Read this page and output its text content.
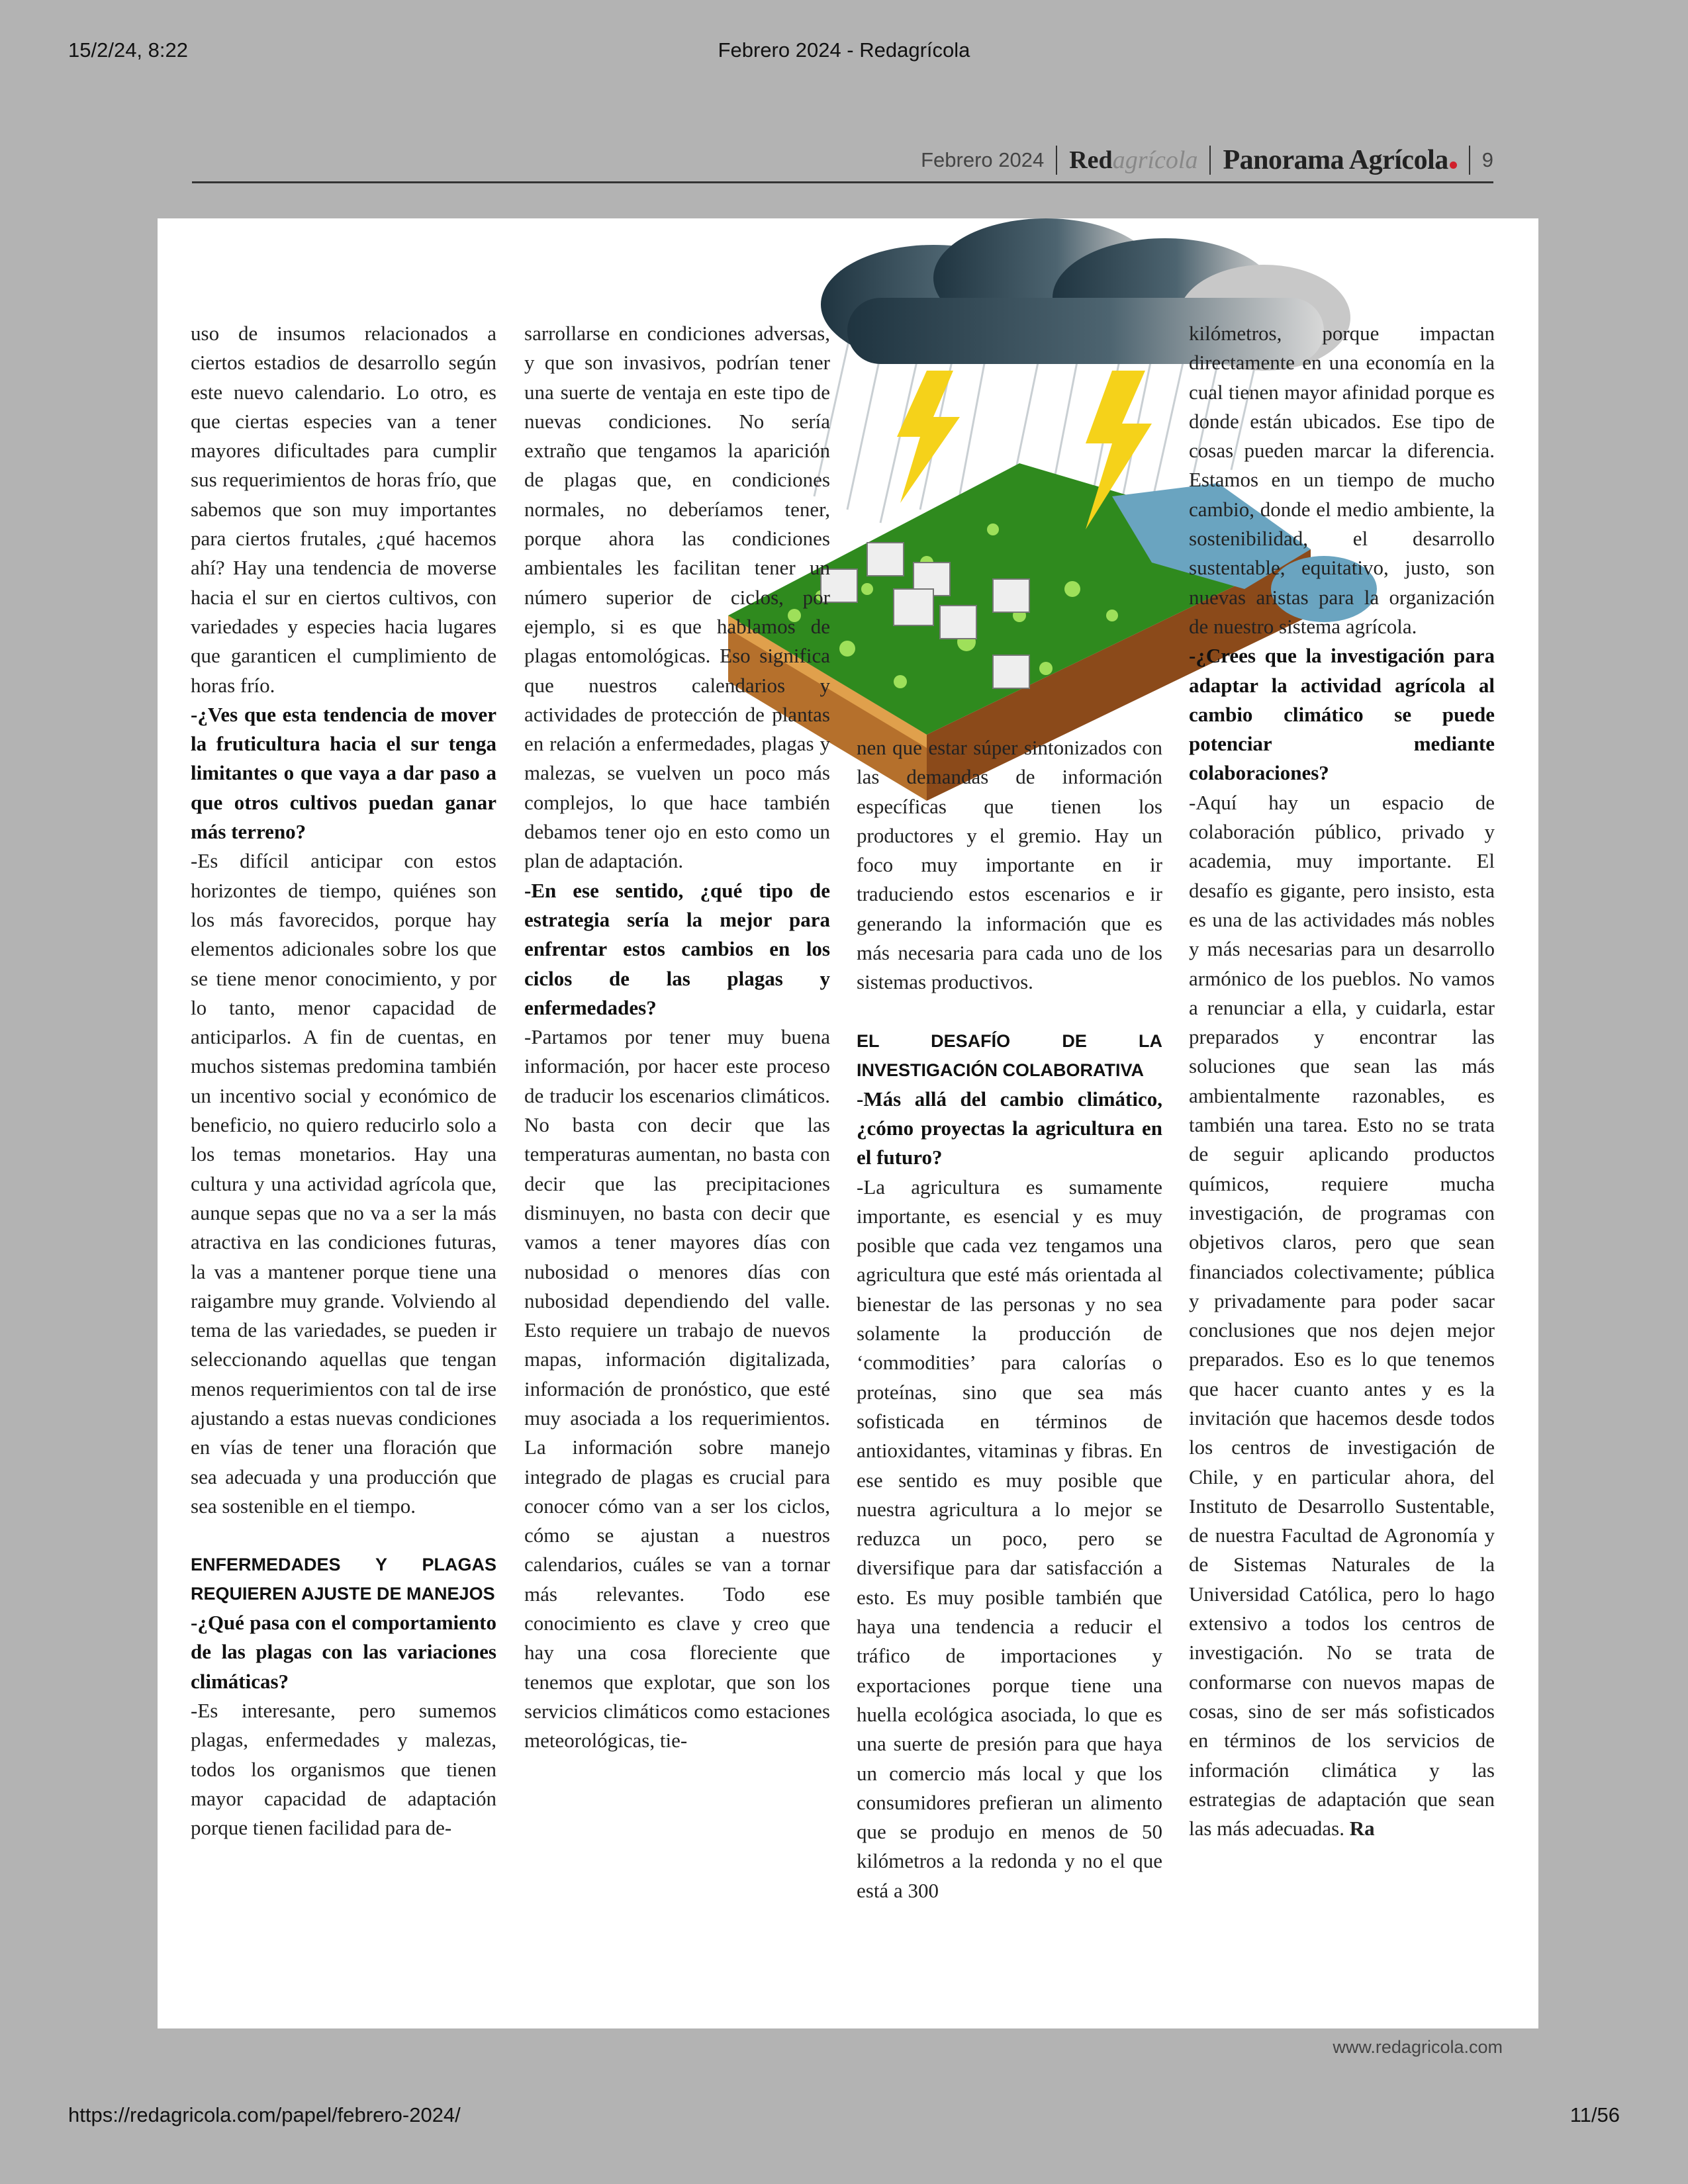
15/2/24, 8:22	Febrero 2024 - Redagrícola
Febrero 2024 Redagrícola Panorama Agrícola	9

uso de insumos relacionados a ciertos estadios de desarrollo según este nuevo calendario. Lo otro, es que ciertas especies van a tener mayores dificultades para cumplir sus requerimientos de horas frío, que sabemos que son muy importantes para ciertos frutales, ¿qué hacemos ahí? Hay una tendencia de moverse hacia el sur en ciertos cultivos, con variedades y especies hacia lugares que garanticen el cumplimiento de horas frío.

-¿Ves que esta tendencia de mover la fruticultura hacia el sur tenga limitantes o que vaya a dar paso a que otros cultivos puedan ganar más terreno?

-Es difícil anticipar con estos horizontes de tiempo, quiénes son los más favorecidos, porque hay elementos adicionales sobre los que se tiene menor conocimiento, y por lo tanto, menor capacidad de anticiparlos. A fin de cuentas, en muchos sistemas predomina también un incentivo social y económico de beneficio, no quiero reducirlo solo a los temas monetarios. Hay una cultura y una actividad agrícola que, aunque sepas que no va a ser la más atractiva en las condiciones futuras, la vas a mantener porque tiene una raigambre muy grande. Volviendo al tema de las variedades, se pueden ir seleccionando aquellas que tengan menos requerimientos con tal de irse ajustando a estas nuevas condiciones en vías de tener una floración que sea adecuada y una producción que sea sostenible en el tiempo.

ENFERMEDADES Y PLAGAS REQUIEREN AJUSTE DE MANEJOS

-¿Qué pasa con el comportamiento de las plagas con las variaciones climáticas?

-Es interesante, pero sumemos plagas, enfermedades y malezas, todos los organismos que tienen mayor capacidad de adaptación porque tienen facilidad para de-

sarrollarse en condiciones adversas, y que son invasivos, podrían tener una suerte de ventaja en este tipo de nuevas condiciones. No sería extraño que tengamos la aparición de plagas que, en condiciones normales, no deberíamos tener, porque ahora las condiciones ambientales les facilitan tener un número superior de ciclos, por ejemplo, si es que hablamos de plagas entomológicas. Eso significa que nuestros calendarios y actividades de protección de plantas en relación a enfermedades, plagas y malezas, se vuelven un poco más complejos, lo que hace también debamos tener ojo en esto como un plan de adaptación.

-En ese sentido, ¿qué tipo de estrategia sería la mejor para enfrentar estos cambios en los ciclos de las plagas y enfermedades?

-Partamos por tener muy buena información, por hacer este proceso de traducir los escenarios climáticos. No basta con decir que las temperaturas aumentan, no basta con decir que las precipitaciones disminuyen, no basta con decir que vamos a tener mayores días con nubosidad o menores días con nubosidad dependiendo del valle. Esto requiere un trabajo de nuevos mapas, información digitalizada, información de pronóstico, que esté muy asociada a los requerimientos. La información sobre manejo integrado de plagas es crucial para conocer cómo van a ser los ciclos, cómo se ajustan a nuestros calendarios, cuáles se van a tornar más relevantes. Todo ese conocimiento es clave y creo que hay una cosa floreciente que tenemos que explotar, que son los servicios climáticos como estaciones meteorológicas, tie-

nen que estar súper sintonizados con las demandas de información específicas que tienen los productores y el gremio. Hay un foco muy importante en ir traduciendo estos escenarios e ir generando la información que es más necesaria para cada uno de los sistemas productivos.

EL DESAFÍO DE LA INVESTIGACIÓN COLABORATIVA

-Más allá del cambio climático, ¿cómo proyectas la agricultura en el futuro?

-La agricultura es sumamente importante, es esencial y es muy posible que cada vez tengamos una agricultura que esté más orientada al bienestar de las personas y no sea solamente la producción de ‘commodities’ para calorías o proteínas, sino que sea más sofisticada en términos de antioxidantes, vitaminas y fibras. En ese sentido es muy posible que nuestra agricultura a lo mejor se reduzca un poco, pero se diversifique para dar satisfacción a esto. Es muy posible también que haya una tendencia a reducir el tráfico de importaciones y exportaciones porque tiene una huella ecológica asociada, lo que es una suerte de presión para que haya un comercio más local y que los consumidores prefieran un alimento que se produjo en menos de 50 kilómetros a la redonda y no el que está a 300

kilómetros, porque impactan directamente en una economía en la cual tienen mayor afinidad porque es donde están ubicados. Ese tipo de cosas pueden marcar la diferencia. Estamos en un tiempo de mucho cambio, donde el medio ambiente, la sostenibilidad, el desarrollo sustentable, equitativo, justo, son nuevas aristas para la organización de nuestro sistema agrícola.

-¿Crees que la investigación para adaptar la actividad agrícola al cambio climático se puede potenciar mediante colaboraciones?

-Aquí hay un espacio de colaboración público, privado y academia, muy importante. El desafío es gigante, pero insisto, esta es una de las actividades más nobles y más necesarias para un desarrollo armónico de los pueblos. No vamos a renunciar a ella, y cuidarla, estar preparados y encontrar las soluciones que sean las más ambientalmente razonables, es también una tarea. Esto no se trata de seguir aplicando productos químicos, requiere mucha investigación, de programas con objetivos claros, pero que sean financiados colectivamente; pública y privadamente para poder sacar conclusiones que nos dejen mejor preparados. Eso es lo que tenemos que hacer cuanto antes y es la invitación que hacemos desde todos los centros de investigación de Chile, y en particular ahora, del Instituto de Desarrollo Sustentable, de nuestra Facultad de Agronomía y de Sistemas Naturales de la Universidad Católica, pero lo hago extensivo a todos los centros de investigación. No se trata de conformarse con nuevos mapas de cosas, sino de ser más sofisticados en términos de los servicios de información climática y las estrategias de adaptación que sean las más adecuadas. Ra

www.redagricola.com
https://redagricola.com/papel/febrero-2024/	11/56
